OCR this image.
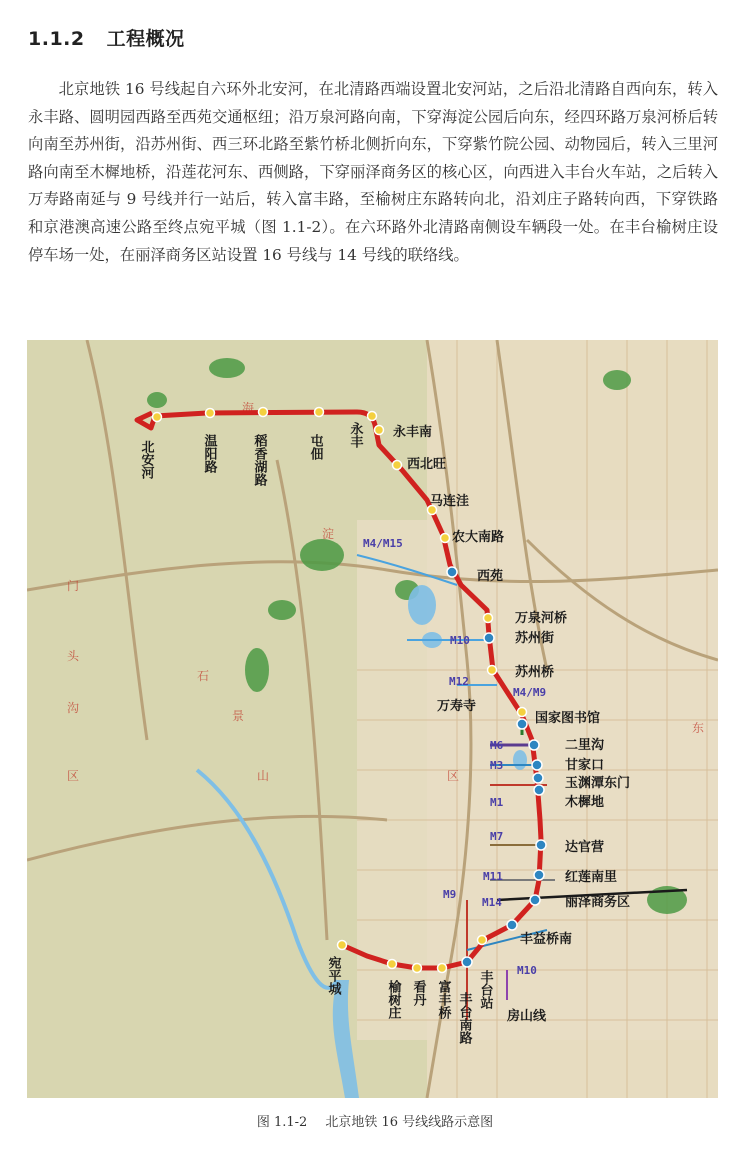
1.1.2 工程概况

北京地铁 16 号线起自六环外北安河，在北清路西端设置北安河站，之后沿北清路自西向东，转入永丰路、圆明园西路至西苑交通枢纽；沿万泉河路向南，下穿海淀公园后向东，经四环路万泉河桥后转向南至苏州街，沿苏州街、西三环北路至紫竹桥北侧折向东，下穿紫竹院公园、动物园后，转入三里河路向南至木樨地桥，沿莲花河东、西侧路，下穿丽泽商务区的核心区，向西进入丰台火车站，之后转入万寿路南延与 9 号线并行一站后，转入富丰路，至榆树庄东路转向北，沿刘庄子路转向西，下穿铁路和京港澳高速公路至终点宛平城（图 1.1-2）。在六环路外北清路南侧设车辆段一处。在丰台榆树庄设停车场一处，在丽泽商务区站设置 16 号线与 14 号线的联络线。

海
淀
门
头
石
景
山
沟
区
东
区
北安河	温阳路	稻香湖路	屯佃 永丰 永丰南
西北旺
马连洼
农大南路
西苑
万泉河桥
苏州街
苏州桥
万寿寺
国家图书馆
二里沟
甘家口
玉渊潭东门
木樨地
达官营
红莲南里
丽泽商务区
丰益桥南
丰台站
丰台南路
富丰桥
看丹
榆树庄
宛平城
M4/M15
M10
M12
M4/M9
M6
M3
M1
M7
M11
M14
M9
M10
房山线
图 1.1-2 北京地铁 16 号线线路示意图
